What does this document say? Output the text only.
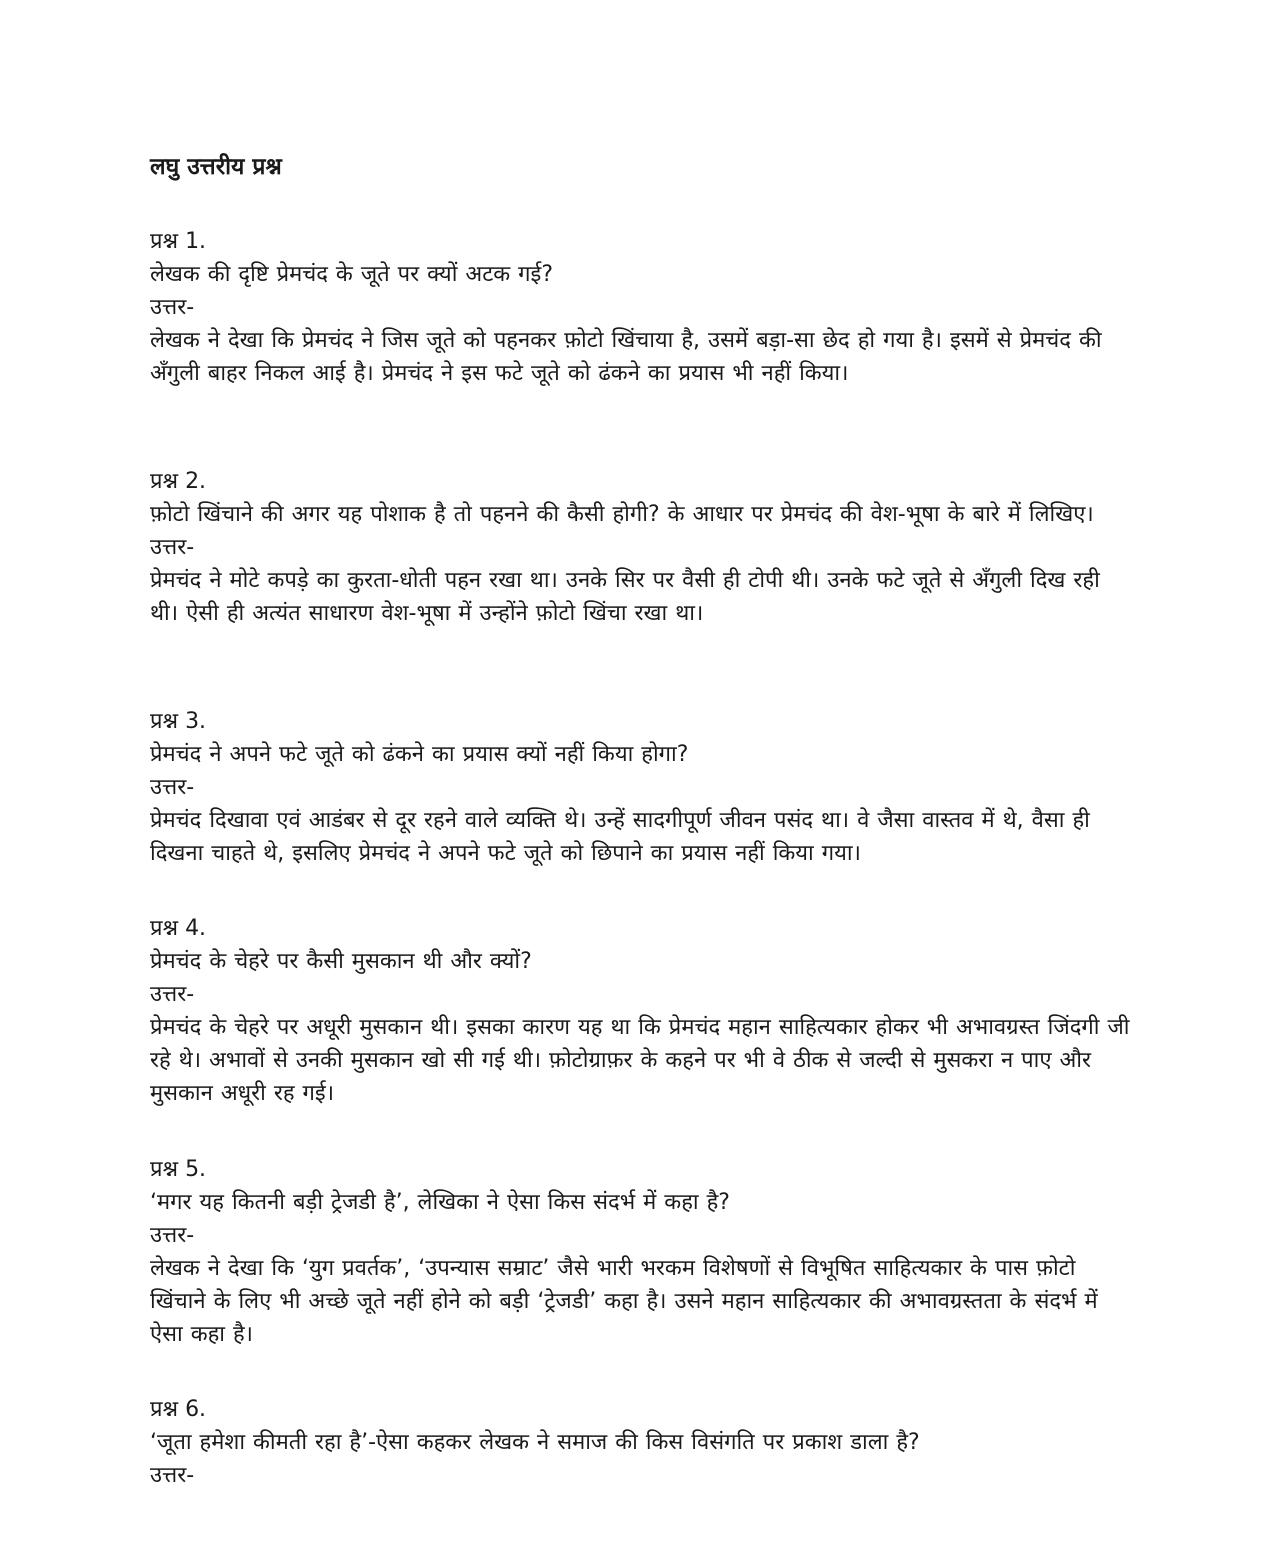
लघु उत्तरीय प्रश्न

प्रश्न 1.

लेखक की दृष्टि प्रेमचंद के जूते पर क्यों अटक गई?

उत्तर-

लेखक ने देखा कि प्रेमचंद ने जिस जूते को पहनकर फ़ोटो खिंचाया है, उसमें बड़ा-सा छेद हो गया है। इसमें से प्रेमचंद की अँगुली बाहर निकल आई है। प्रेमचंद ने इस फटे जूते को ढंकने का प्रयास भी नहीं किया।

प्रश्न 2.

फ़ोटो खिंचाने की अगर यह पोशाक है तो पहनने की कैसी होगी? के आधार पर प्रेमचंद की वेश-भूषा के बारे में लिखिए।

उत्तर-

प्रेमचंद ने मोटे कपड़े का कुरता-धोती पहन रखा था। उनके सिर पर वैसी ही टोपी थी। उनके फटे जूते से अँगुली दिख रही थी। ऐसी ही अत्यंत साधारण वेश-भूषा में उन्होंने फ़ोटो खिंचा रखा था।

प्रश्न 3.

प्रेमचंद ने अपने फटे जूते को ढंकने का प्रयास क्यों नहीं किया होगा?

उत्तर-

प्रेमचंद दिखावा एवं आडंबर से दूर रहने वाले व्यक्ति थे। उन्हें सादगीपूर्ण जीवन पसंद था। वे जैसा वास्तव में थे, वैसा ही दिखना चाहते थे, इसलिए प्रेमचंद ने अपने फटे जूते को छिपाने का प्रयास नहीं किया गया।

प्रश्न 4.

प्रेमचंद के चेहरे पर कैसी मुसकान थी और क्यों?

उत्तर-

प्रेमचंद के चेहरे पर अधूरी मुसकान थी। इसका कारण यह था कि प्रेमचंद महान साहित्यकार होकर भी अभावग्रस्त जिंदगी जी रहे थे। अभावों से उनकी मुसकान खो सी गई थी। फ़ोटोग्राफ़र के कहने पर भी वे ठीक से जल्दी से मुसकरा न पाए और मुसकान अधूरी रह गई।

प्रश्न 5.

‘मगर यह कितनी बड़ी ट्रेजडी है’, लेखिका ने ऐसा किस संदर्भ में कहा है?

उत्तर-

लेखक ने देखा कि ‘युग प्रवर्तक’, ‘उपन्यास सम्राट’ जैसे भारी भरकम विशेषणों से विभूषित साहित्यकार के पास फ़ोटो खिंचाने के लिए भी अच्छे जूते नहीं होने को बड़ी ‘ट्रेजडी’ कहा है। उसने महान साहित्यकार की अभावग्रस्तता के संदर्भ में ऐसा कहा है।

प्रश्न 6.

‘जूता हमेशा कीमती रहा है’-ऐसा कहकर लेखक ने समाज की किस विसंगति पर प्रकाश डाला है?

उत्तर-
